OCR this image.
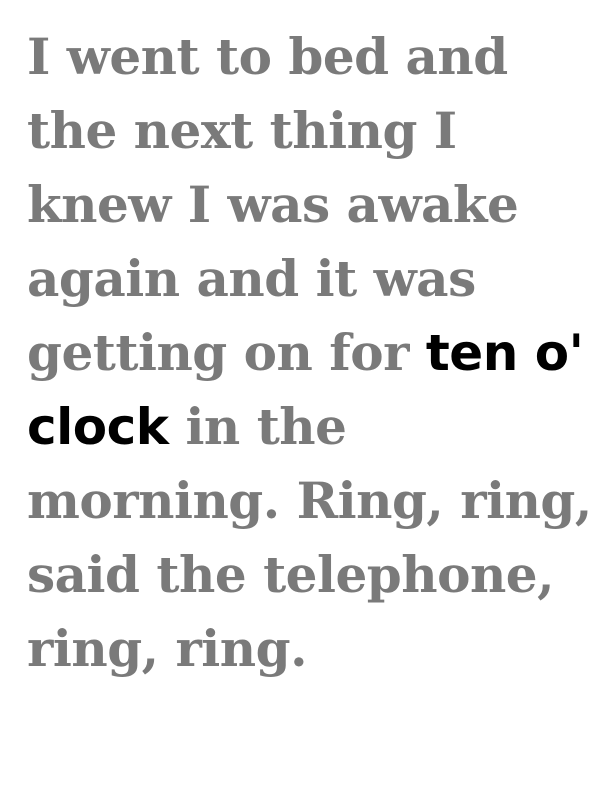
I went to bed and
the next thing I
knew I was awake
again and it was
getting on for ten o'
clock in the
morning. Ring, ring,
said the telephone,
ring, ring.
